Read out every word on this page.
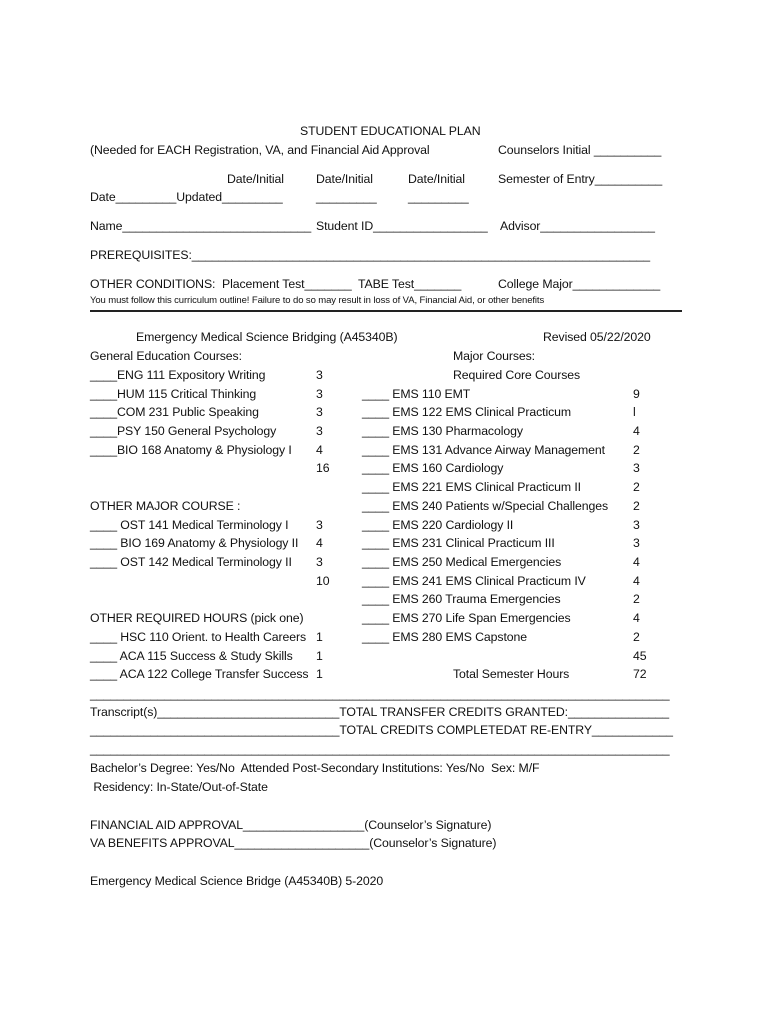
STUDENT EDUCATIONAL PLAN
(Needed for EACH Registration, VA, and Financial Aid Approval	Counselors Initial __________
Date/Initial	Date/Initial	Date/Initial	Semester of Entry__________
Date_________Updated_________	_________	_________
Name____________________________ Student ID_________________ Advisor_________________
PREREQUISITES:____________________________________________________________________
OTHER CONDITIONS:  Placement Test_______  TABE Test_______	College Major_____________
You must follow this curriculum outline! Failure to do so may result in loss of VA, Financial Aid, or other benefits
Emergency Medical Science Bridging (A45340B)	Revised 05/22/2020
General Education Courses:
____ENG 111 Expository Writing	3
____HUM 115 Critical Thinking	3
____COM 231 Public Speaking	3
____PSY 150 General Psychology	3
____BIO 168 Anatomy & Physiology I 4
16
OTHER MAJOR COURSE :
____ OST 141 Medical Terminology I 3
____ BIO 169 Anatomy & Physiology II 4
____ OST 142 Medical Terminology II 3
10
OTHER REQUIRED HOURS (pick one)
____ HSC 110 Orient. to Health Careers 1
____ ACA 115 Success & Study Skills 1
____ ACA 122 College Transfer Success 1
Major Courses:
Required Core Courses
____ EMS 110 EMT	9
____ EMS 122 EMS Clinical Practicum	l
____ EMS 130 Pharmacology	4
____ EMS 131 Advance Airway Management 2
____ EMS 160 Cardiology	3
____ EMS 221 EMS Clinical Practicum II	2
____ EMS 240 Patients w/Special Challenges 2
____ EMS 220 Cardiology II	3
____ EMS 231 Clinical Practicum III	3
____ EMS 250 Medical Emergencies	4
____ EMS 241 EMS Clinical Practicum IV	4
____ EMS 260 Trauma Emergencies	2
____ EMS 270 Life Span Emergencies	4
____ EMS 280 EMS Capstone	2
45
Total Semester Hours	72
______________________________________________________________________________________
Transcript(s)___________________________TOTAL TRANSFER CREDITS GRANTED:_______________
_____________________________________TOTAL CREDITS COMPLETEDAT RE-ENTRY____________
______________________________________________________________________________________
Bachelor’s Degree: Yes/No  Attended Post-Secondary Institutions: Yes/No  Sex: M/F
Residency: In-State/Out-of-State
FINANCIAL AID APPROVAL__________________(Counselor’s Signature)
VA BENEFITS APPROVAL____________________(Counselor’s Signature)
Emergency Medical Science Bridge (A45340B) 5-2020
